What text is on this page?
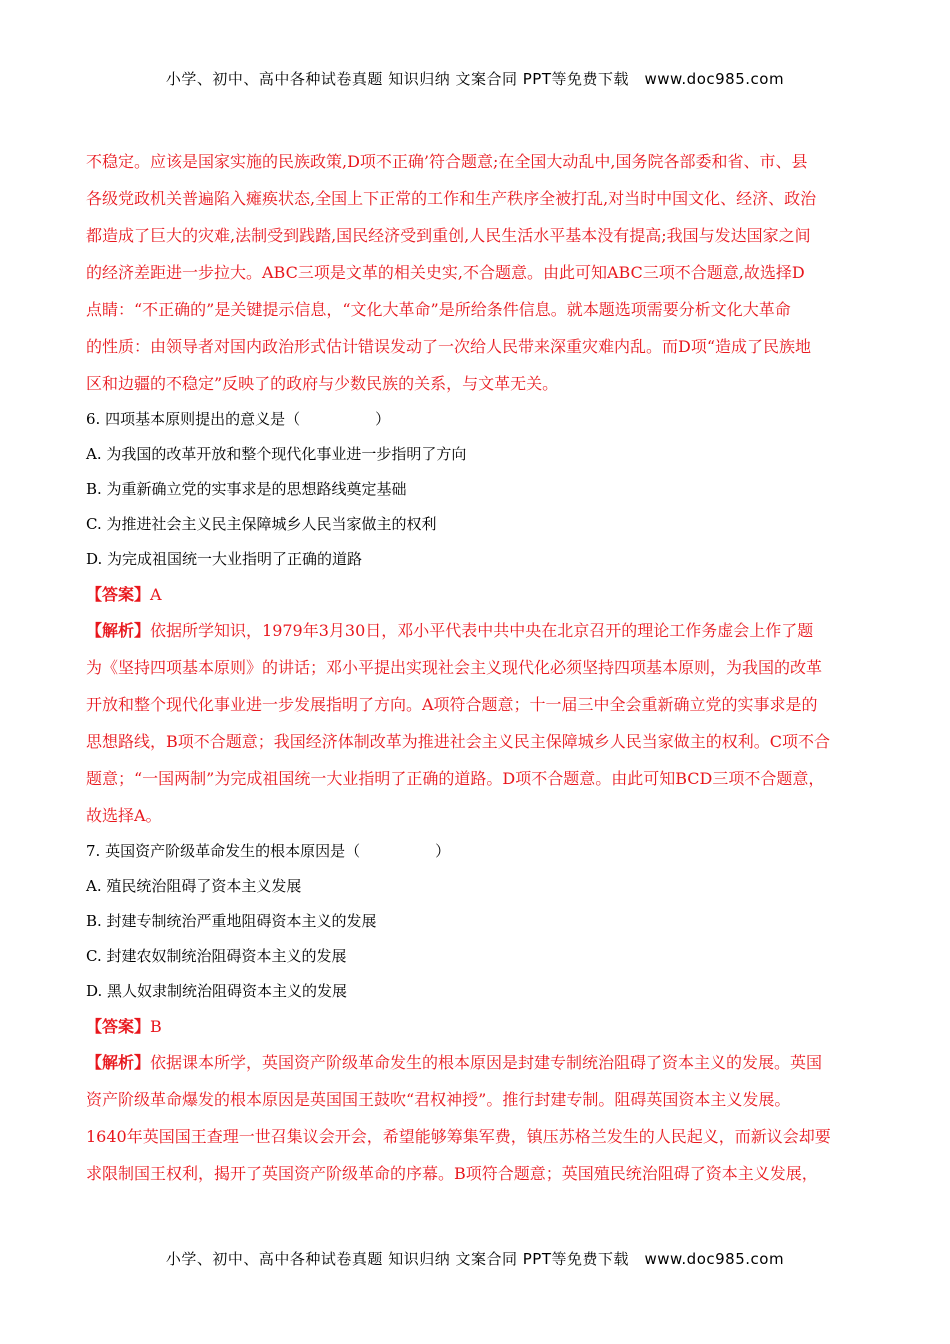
小学、初中、高中各种试卷真题 知识归纳 文案合同 PPT等免费下载　www.doc985.com
不稳定。应该是国家实施的民族政策,D项不正确’符合题意;在全国大动乱中,国务院各部委和省、市、县
各级党政机关普遍陷入瘫痪状态,全国上下正常的工作和生产秩序全被打乱,对当时中国文化、经济、政治
都造成了巨大的灾难,法制受到践踏,国民经济受到重创,人民生活水平基本没有提高;我国与发达国家之间
的经济差距进一步拉大。ABC三项是文革的相关史实,不合题意。由此可知ABC三项不合题意,故选择D
点睛：“不正确的”是关键提示信息，“文化大革命”是所给条件信息。就本题选项需要分析文化大革命
的性质：由领导者对国内政治形式估计错误发动了一次给人民带来深重灾难内乱。而D项“造成了民族地
区和边疆的不稳定”反映了的政府与少数民族的关系，与文革无关。
6. 四项基本原则提出的意义是（　　　　　）
A. 为我国的改革开放和整个现代化事业进一步指明了方向
B. 为重新确立党的实事求是的思想路线奠定基础
C. 为推进社会主义民主保障城乡人民当家做主的权利
D. 为完成祖国统一大业指明了正确的道路
【答案】A
【解析】依据所学知识，1979年3月30日，邓小平代表中共中央在北京召开的理论工作务虚会上作了题
为《坚持四项基本原则》的讲话；邓小平提出实现社会主义现代化必须坚持四项基本原则，为我国的改革
开放和整个现代化事业进一步发展指明了方向。A项符合题意；十一届三中全会重新确立党的实事求是的
思想路线，B项不合题意；我国经济体制改革为推进社会主义民主保障城乡人民当家做主的权利。C项不合
题意；“一国两制”为完成祖国统一大业指明了正确的道路。D项不合题意。由此可知BCD三项不合题意，
故选择A。
7. 英国资产阶级革命发生的根本原因是（　　　　　）
A. 殖民统治阻碍了资本主义发展
B. 封建专制统治严重地阻碍资本主义的发展
C. 封建农奴制统治阻碍资本主义的发展
D. 黑人奴隶制统治阻碍资本主义的发展
【答案】B
【解析】依据课本所学，英国资产阶级革命发生的根本原因是封建专制统治阻碍了资本主义的发展。英国
资产阶级革命爆发的根本原因是英国国王鼓吹“君权神授”。推行封建专制。阻碍英国资本主义发展。
1640年英国国王查理一世召集议会开会，希望能够筹集军费，镇压苏格兰发生的人民起义，而新议会却要
求限制国王权利，揭开了英国资产阶级革命的序幕。B项符合题意；英国殖民统治阻碍了资本主义发展，
小学、初中、高中各种试卷真题 知识归纳 文案合同 PPT等免费下载　www.doc985.com
